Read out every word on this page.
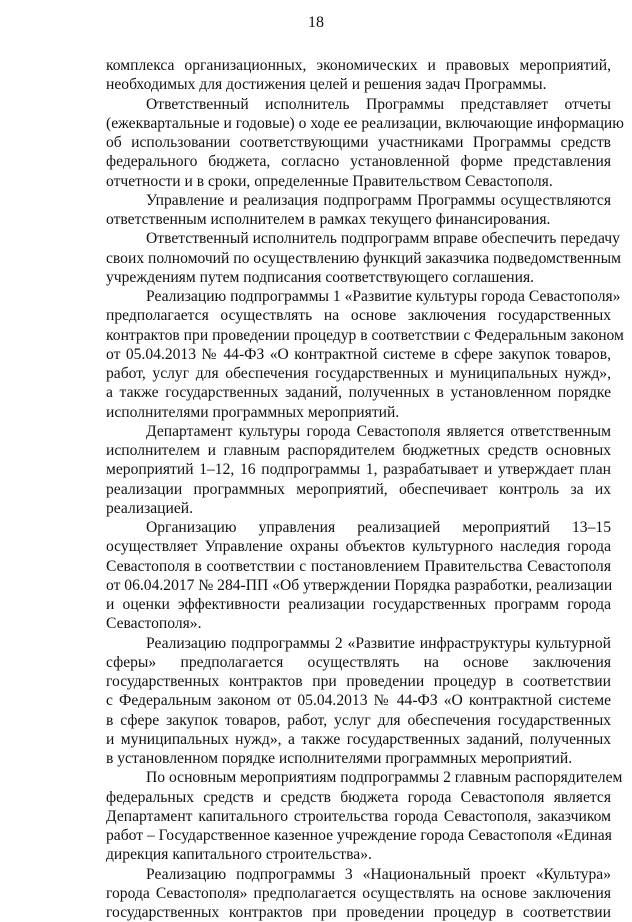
18
комплекса организационных, экономических и правовых мероприятий,
необходимых для достижения целей и решения задач Программы.
Ответственный исполнитель Программы представляет отчеты
(ежеквартальные и годовые) о ходе ее реализации, включающие информацию
об использовании соответствующими участниками Программы средств
федерального бюджета, согласно установленной форме представления
отчетности и в сроки, определенные Правительством Севастополя.
Управление и реализация подпрограмм Программы осуществляются
ответственным исполнителем в рамках текущего финансирования.
Ответственный исполнитель подпрограмм вправе обеспечить передачу
своих полномочий по осуществлению функций заказчика подведомственным
учреждениям путем подписания соответствующего соглашения.
Реализацию подпрограммы 1 «Развитие культуры города Севастополя»
предполагается осуществлять на основе заключения государственных
контрактов при проведении процедур в соответствии с Федеральным законом
от 05.04.2013 № 44-ФЗ «О контрактной системе в сфере закупок товаров,
работ, услуг для обеспечения государственных и муниципальных нужд»,
а также государственных заданий, полученных в установленном порядке
исполнителями программных мероприятий.
Департамент культуры города Севастополя является ответственным
исполнителем и главным распорядителем бюджетных средств основных
мероприятий 1–12, 16 подпрограммы 1, разрабатывает и утверждает план
реализации программных мероприятий, обеспечивает контроль за их
реализацией.
Организацию управления реализацией мероприятий 13–15
осуществляет Управление охраны объектов культурного наследия города
Севастополя в соответствии с постановлением Правительства Севастополя
от 06.04.2017 № 284-ПП «Об утверждении Порядка разработки, реализации
и оценки эффективности реализации государственных программ города
Севастополя».
Реализацию подпрограммы 2 «Развитие инфраструктуры культурной
сферы» предполагается осуществлять на основе заключения
государственных контрактов при проведении процедур в соответствии
с Федеральным законом от 05.04.2013 № 44-ФЗ «О контрактной системе
в сфере закупок товаров, работ, услуг для обеспечения государственных
и муниципальных нужд», а также государственных заданий, полученных
в установленном порядке исполнителями программных мероприятий.
По основным мероприятиям подпрограммы 2 главным распорядителем
федеральных средств и средств бюджета города Севастополя является
Департамент капитального строительства города Севастополя, заказчиком
работ – Государственное казенное учреждение города Севастополя «Единая
дирекция капитального строительства».
Реализацию подпрограммы 3 «Национальный проект «Культура»
города Севастополя» предполагается осуществлять на основе заключения
государственных контрактов при проведении процедур в соответствии
